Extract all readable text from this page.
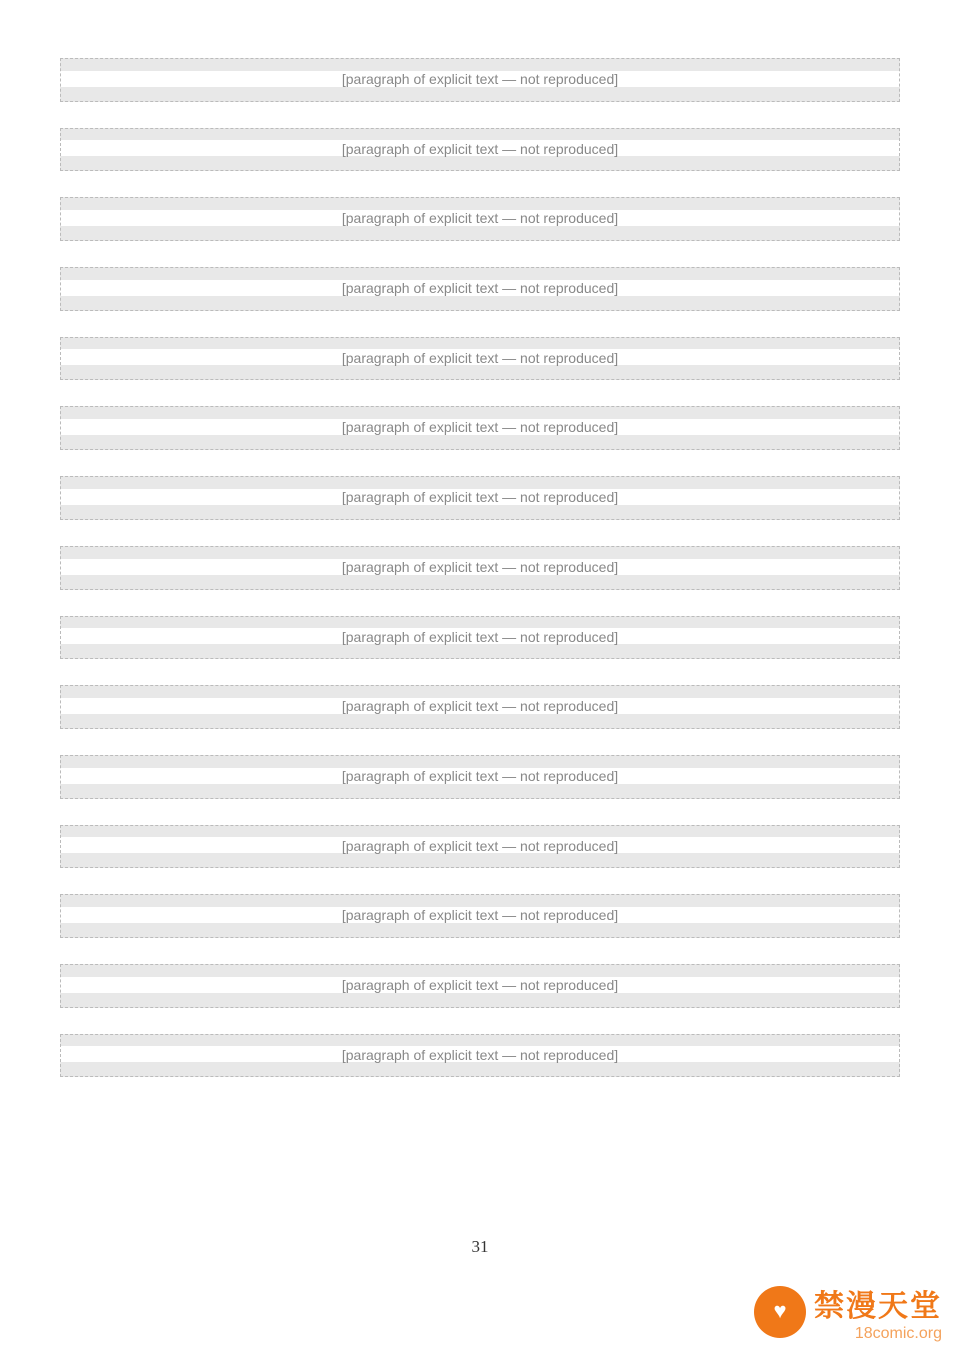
[paragraph of explicit text — not reproduced]

[paragraph of explicit text — not reproduced]

[paragraph of explicit text — not reproduced]

[paragraph of explicit text — not reproduced]

[paragraph of explicit text — not reproduced]

[paragraph of explicit text — not reproduced]

[paragraph of explicit text — not reproduced]

[paragraph of explicit text — not reproduced]

[paragraph of explicit text — not reproduced]

[paragraph of explicit text — not reproduced]

[paragraph of explicit text — not reproduced]

[paragraph of explicit text — not reproduced]

[paragraph of explicit text — not reproduced]

[paragraph of explicit text — not reproduced]

[paragraph of explicit text — not reproduced]

31
♥
禁漫天堂
18comic.org
